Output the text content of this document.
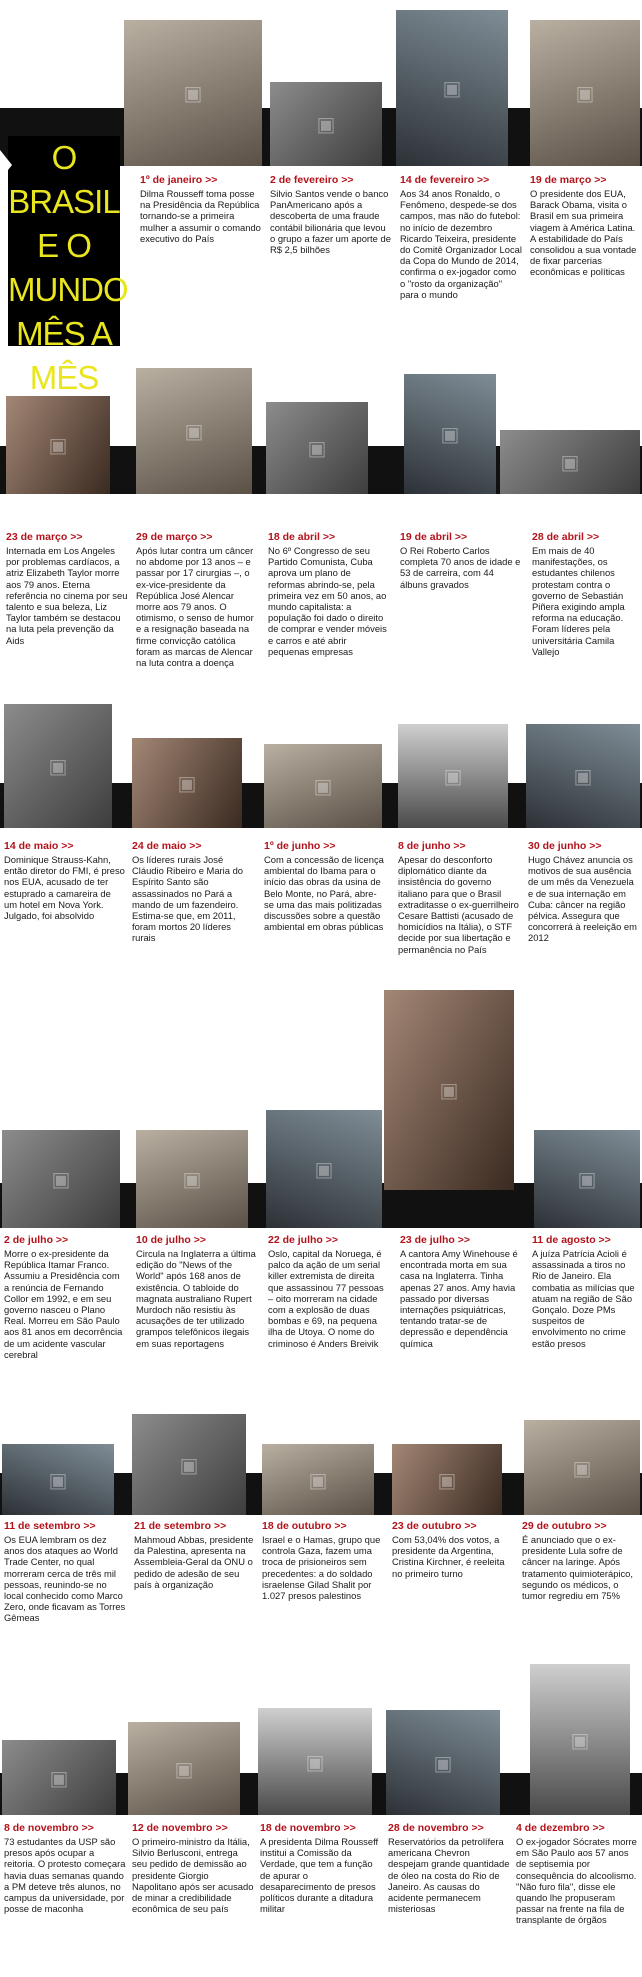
O BRASIL
E O
MUNDO
MÊS A MÊS
▣
▣
▣	▣
1º de janeiro >>
Dilma Rousseff toma posse na Presidência da República tornando-se a primeira mulher a assumir o comando executivo do País
2 de fevereiro >>
Silvio Santos vende o banco PanAmericano após a descoberta de uma fraude contábil bilionária que levou o grupo a fazer um aporte de R$ 2,5 bilhões
14 de fevereiro >>
Aos 34 anos Ronaldo, o Fenômeno, despede-se dos campos, mas não do futebol: no início de dezembro Ricardo Teixeira, presidente do Comitê Organizador Local da Copa do Mundo de 2014, confirma o ex-jogador como o "rosto da organização" para o mundo
19 de março >>
O presidente dos EUA, Barack Obama, visita o Brasil em sua primeira viagem à América Latina. A estabilidade do País consolidou a sua vontade de fixar parcerias econômicas e políticas
▣
▣
▣
▣
▣
23 de março >>
Internada em Los Angeles por problemas cardíacos, a atriz Elizabeth Taylor morre aos 79 anos. Eterna referência no cinema por seu talento e sua beleza, Liz Taylor também se destacou na luta pela prevenção da Aids
29 de março >>
Após lutar contra um câncer no abdome por 13 anos – e passar por 17 cirurgias –, o ex-vice-presidente da República José Alencar morre aos 79 anos. O otimismo, o senso de humor e a resignação baseada na firme convicção católica foram as marcas de Alencar na luta contra a doença
18 de abril >>
No 6º Congresso de seu Partido Comunista, Cuba aprova um plano de reformas abrindo-se, pela primeira vez em 50 anos, ao mundo capitalista: a população foi dado o direito de comprar e vender móveis e carros e até abrir pequenas empresas
19 de abril >>
O Rei Roberto Carlos completa 70 anos de idade e 53 de carreira, com 44 álbuns gravados
28 de abril >>
Em mais de 40 manifestações, os estudantes chilenos protestam contra o governo de Sebastián Piñera exigindo ampla reforma na educação. Foram líderes pela universitária Camila Vallejo
▣
▣	▣	▣	▣
14 de maio >>
Dominique Strauss-Kahn, então diretor do FMI, é preso nos EUA, acusado de ter estuprado a camareira de um hotel em Nova York. Julgado, foi absolvido
24 de maio >>
Os líderes rurais José Cláudio Ribeiro e Maria do Espírito Santo são assassinados no Pará a mando de um fazendeiro. Estima-se que, em 2011, foram mortos 20 líderes rurais
1º de junho >>
Com a concessão de licença ambiental do Ibama para o início das obras da usina de Belo Monte, no Pará, abre-se uma das mais politizadas discussões sobre a questão ambiental em obras públicas
8 de junho >>
Apesar do desconforto diplomático diante da insistência do governo italiano para que o Brasil extraditasse o ex-guerrilheiro Cesare Battisti (acusado de homicídios na Itália), o STF decide por sua libertação e permanência no País
30 de junho >>
Hugo Chávez anuncia os motivos de sua ausência de um mês da Venezuela e de sua internação em Cuba: câncer na região pélvica. Assegura que concorrerá à reeleição em 2012
▣	▣	▣
▣
▣
2 de julho >>
Morre o ex-presidente da República Itamar Franco. Assumiu a Presidência com a renúncia de Fernando Collor em 1992, e em seu governo nasceu o Plano Real. Morreu em São Paulo aos 81 anos em decorrência de um acidente vascular cerebral
10 de julho >>
Circula na Inglaterra a última edição do "News of the World" após 168 anos de existência. O tabloide do magnata australiano Rupert Murdoch não resistiu às acusações de ter utilizado grampos telefônicos ilegais em suas reportagens
22 de julho >>
Oslo, capital da Noruega, é palco da ação de um serial killer extremista de direita que assassinou 77 pessoas – oito morreram na cidade com a explosão de duas bombas e 69, na pequena ilha de Utoya. O nome do criminoso é Anders Breivik
23 de julho >>
A cantora Amy Winehouse é encontrada morta em sua casa na Inglaterra. Tinha apenas 27 anos. Amy havia passado por diversas internações psiquiátricas, tentando tratar-se de depressão e dependência química
11 de agosto >>
A juíza Patrícia Acioli é assassinada a tiros no Rio de Janeiro. Ela combatia as milícias que atuam na região de São Gonçalo. Doze PMs suspeitos de envolvimento no crime estão presos
▣
▣
▣	▣	▣
11 de setembro >>
Os EUA lembram os dez anos dos ataques ao World Trade Center, no qual morreram cerca de três mil pessoas, reunindo-se no local conhecido como Marco Zero, onde ficavam as Torres Gêmeas
21 de setembro >>
Mahmoud Abbas, presidente da Palestina, apresenta na Assembleia-Geral da ONU o pedido de adesão de seu país à organização
18 de outubro >>
Israel e o Hamas, grupo que controla Gaza, fazem uma troca de prisioneiros sem precedentes: a do soldado israelense Gilad Shalit por 1.027 presos palestinos
23 de outubro >>
Com 53,04% dos votos, a presidente da Argentina, Cristina Kirchner, é reeleita no primeiro turno
29 de outubro >>
É anunciado que o ex-presidente Lula sofre de câncer na laringe. Após tratamento quimioterápico, segundo os médicos, o tumor regrediu em 75%
▣	▣	▣	▣
▣
8 de novembro >>
73 estudantes da USP são presos após ocupar a reitoria. O protesto começara havia duas semanas quando a PM deteve três alunos, no campus da universidade, por posse de maconha
12 de novembro >>
O primeiro-ministro da Itália, Silvio Berlusconi, entrega seu pedido de demissão ao presidente Giorgio Napolitano após ser acusado de minar a credibilidade econômica de seu país
18 de novembro >>
A presidenta Dilma Rousseff institui a Comissão da Verdade, que tem a função de apurar o desaparecimento de presos políticos durante a ditadura militar
28 de novembro >>
Reservatórios da petrolífera americana Chevron despejam grande quantidade de óleo na costa do Rio de Janeiro. As causas do acidente permanecem misteriosas
4 de dezembro >>
O ex-jogador Sócrates morre em São Paulo aos 57 anos de septisemia por consequência do alcoolismo. "Não furo fila", disse ele quando lhe propuseram passar na frente na fila de transplante de órgãos
